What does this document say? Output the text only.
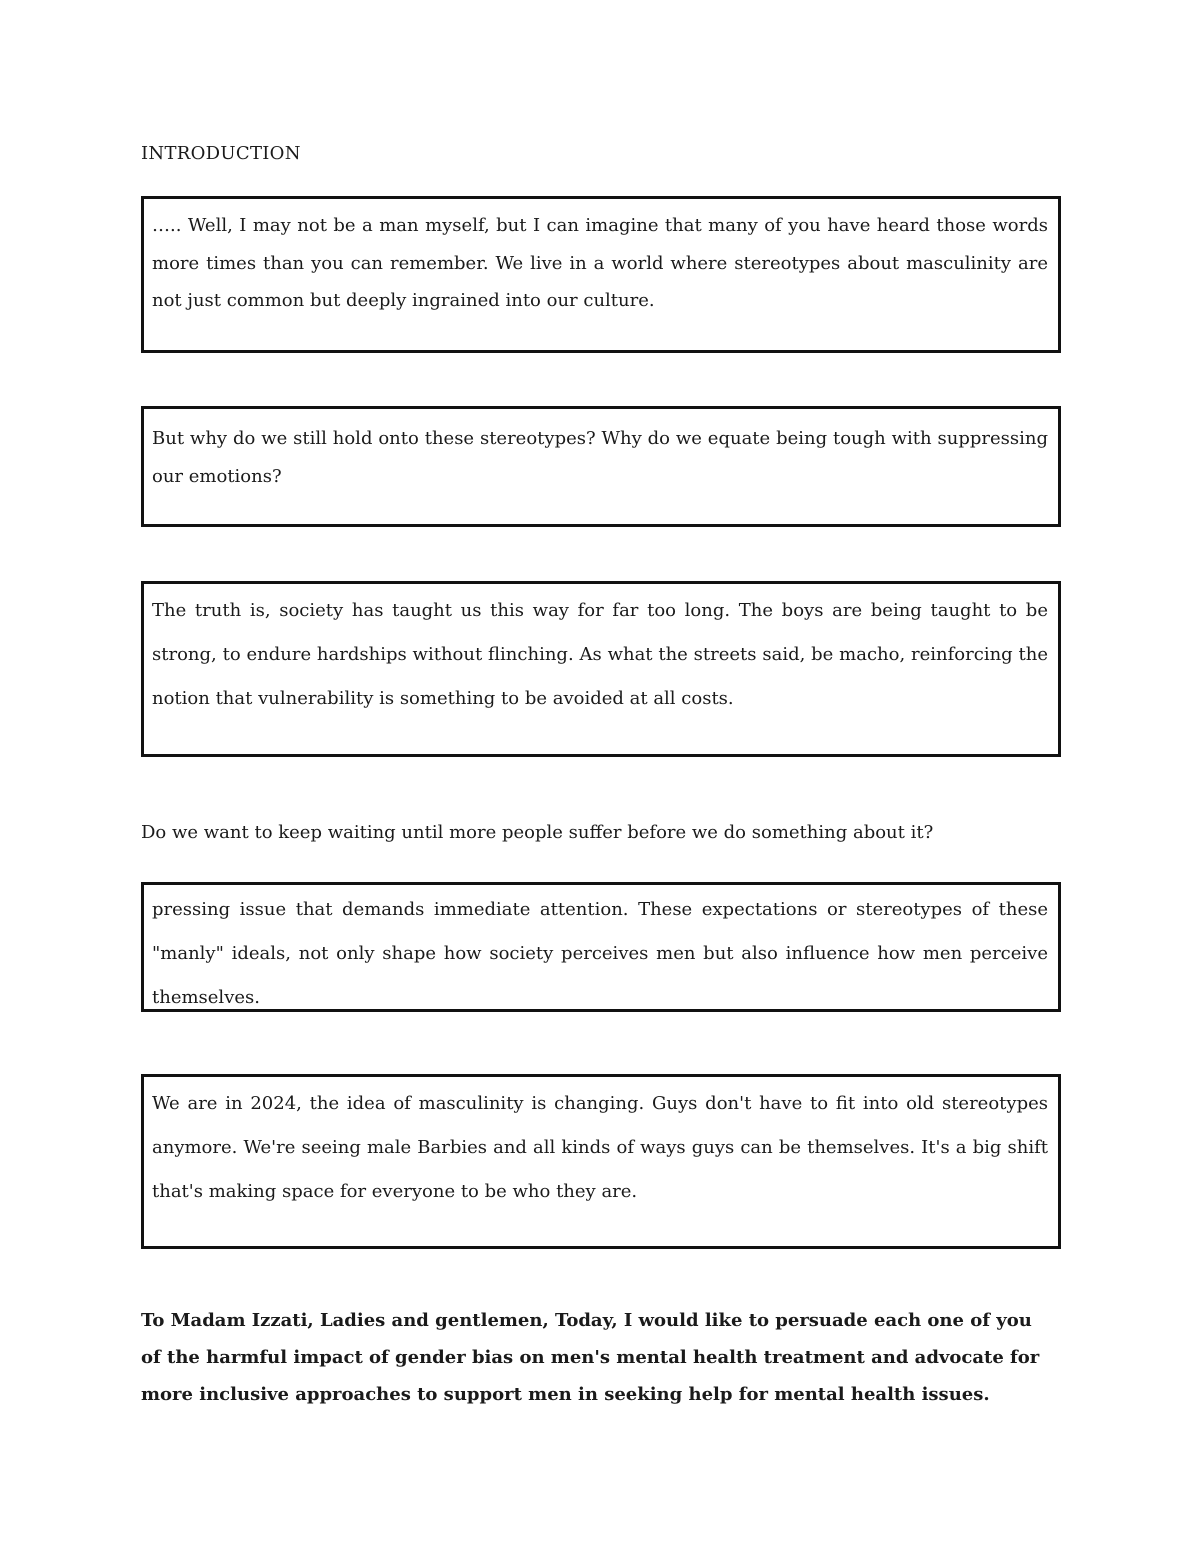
INTRODUCTION

….. Well, I may not be a man myself, but I can imagine that many of you have heard those words more times than you can remember. We live in a world where stereotypes about masculinity are not just common but deeply ingrained into our culture.

But why do we still hold onto these stereotypes? Why do we equate being tough with suppressing our emotions?

The truth is, society has taught us this way for far too long. The boys are being taught to be strong, to endure hardships without flinching. As what the streets said, be macho, reinforcing the notion that vulnerability is something to be avoided at all costs.

Do we want to keep waiting until more people suffer before we do something about it?

pressing issue that demands immediate attention. These expectations or stereotypes of these "manly" ideals, not only shape how society perceives men but also influence how men perceive themselves.

We are in 2024, the idea of masculinity is changing. Guys don't have to fit into old stereotypes anymore. We're seeing male Barbies and all kinds of ways guys can be themselves. It's a big shift that's making space for everyone to be who they are.

To Madam Izzati, Ladies and gentlemen, Today, I would like to persuade each one of you of the harmful impact of gender bias on men's mental health treatment and advocate for more inclusive approaches to support men in seeking help for mental health issues.
